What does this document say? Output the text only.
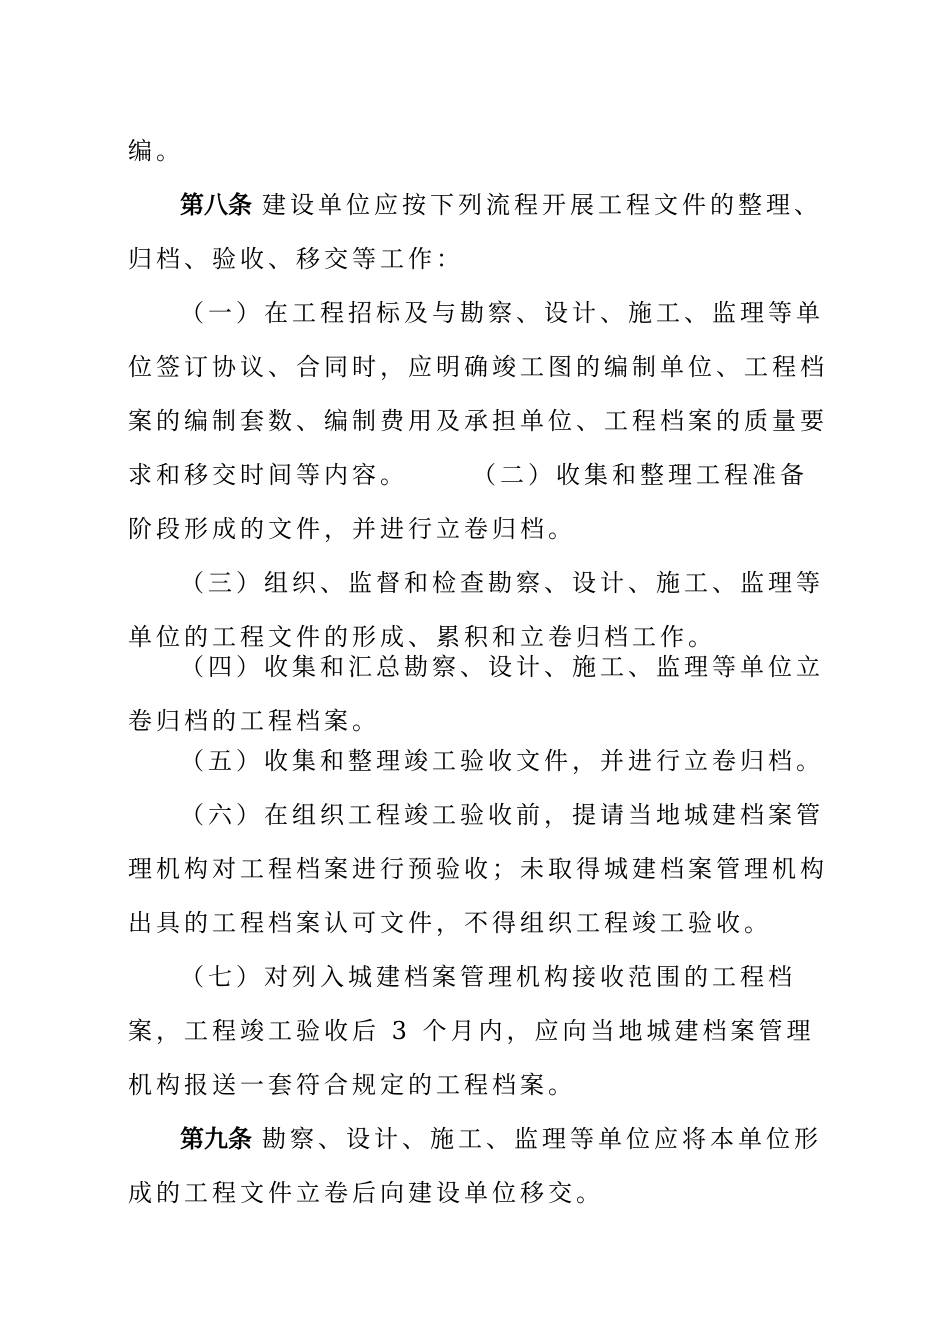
编。

第八条 建设单位应按下列流程开展工程文件的整理、归档、验收、移交等工作：

（一）在工程招标及与勘察、设计、施工、监理等单位签订协议、合同时，应明确竣工图的编制单位、工程档案的编制套数、编制费用及承担单位、工程档案的质量要求和移交时间等内容。	（二）收集和整理工程准备阶段形成的文件，并进行立卷归档。

（三）组织、监督和检查勘察、设计、施工、监理等单位的工程文件的形成、累积和立卷归档工作。

（四）收集和汇总勘察、设计、施工、监理等单位立卷归档的工程档案。

（五）收集和整理竣工验收文件，并进行立卷归档。

（六）在组织工程竣工验收前，提请当地城建档案管理机构对工程档案进行预验收；未取得城建档案管理机构出具的工程档案认可文件，不得组织工程竣工验收。

（七）对列入城建档案管理机构接收范围的工程档案，工程竣工验收后 3 个月内，应向当地城建档案管理机构报送一套符合规定的工程档案。

第九条 勘察、设计、施工、监理等单位应将本单位形成的工程文件立卷后向建设单位移交。
